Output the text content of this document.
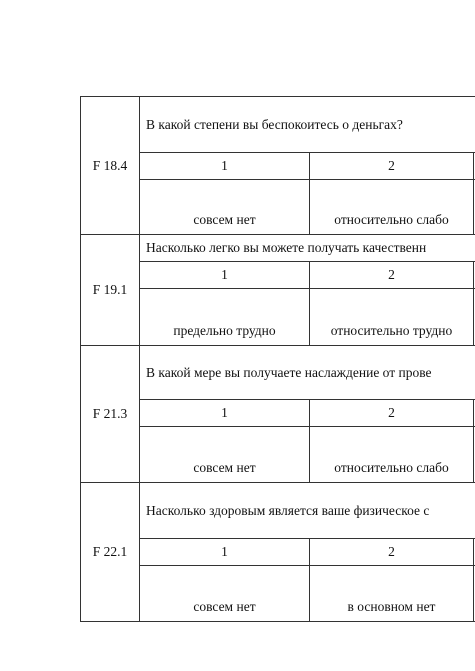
F 18.4	В какой степени вы беспокоитесь о деньгах?		
	1	2	
	совсем нет	относительно слабо	
F 19.1	Насколько легко вы можете получать качественн		
	1	2	
	предельно трудно	относительно трудно	
F 21.3	В какой мере вы получаете наслаждение от прове		
	1	2	
	совсем нет	относительно слабо	
F 22.1	Насколько здоровым является ваше физическое с		
	1	2	
	совсем нет	в основном нет	
